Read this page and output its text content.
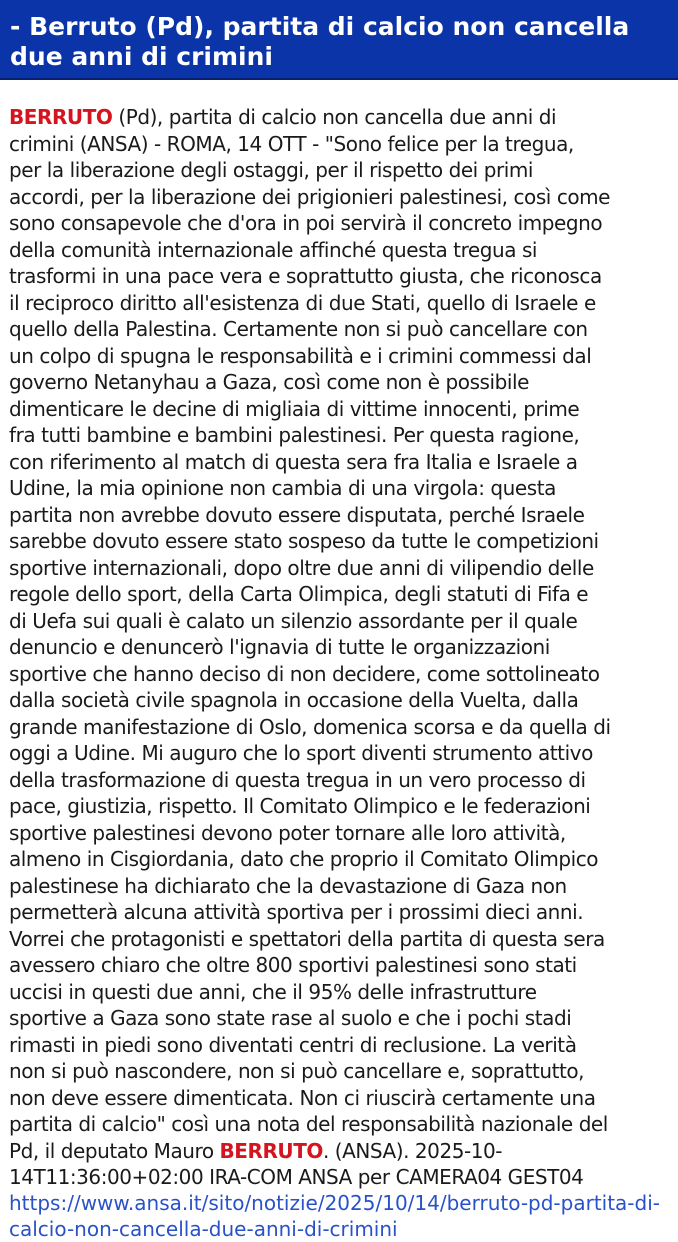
- Berruto (Pd), partita di calcio non cancella due anni di crimini

BERRUTO (Pd), partita di calcio non cancella due anni di
crimini (ANSA) - ROMA, 14 OTT - "Sono felice per la tregua,
per la liberazione degli ostaggi, per il rispetto dei primi
accordi, per la liberazione dei prigionieri palestinesi, così come
sono consapevole che d'ora in poi servirà il concreto impegno
della comunità internazionale affinché questa tregua si
trasformi in una pace vera e soprattutto giusta, che riconosca
il reciproco diritto all'esistenza di due Stati, quello di Israele e
quello della Palestina. Certamente non si può cancellare con
un colpo di spugna le responsabilità e i crimini commessi dal
governo Netanyhau a Gaza, così come non è possibile
dimenticare le decine di migliaia di vittime innocenti, prime
fra tutti bambine e bambini palestinesi. Per questa ragione,
con riferimento al match di questa sera fra Italia e Israele a
Udine, la mia opinione non cambia di una virgola: questa
partita non avrebbe dovuto essere disputata, perché Israele
sarebbe dovuto essere stato sospeso da tutte le competizioni
sportive internazionali, dopo oltre due anni di vilipendio delle
regole dello sport, della Carta Olimpica, degli statuti di Fifa e
di Uefa sui quali è calato un silenzio assordante per il quale
denuncio e denuncerò l'ignavia di tutte le organizzazioni
sportive che hanno deciso di non decidere, come sottolineato
dalla società civile spagnola in occasione della Vuelta, dalla
grande manifestazione di Oslo, domenica scorsa e da quella di
oggi a Udine. Mi auguro che lo sport diventi strumento attivo
della trasformazione di questa tregua in un vero processo di
pace, giustizia, rispetto. Il Comitato Olimpico e le federazioni
sportive palestinesi devono poter tornare alle loro attività,
almeno in Cisgiordania, dato che proprio il Comitato Olimpico
palestinese ha dichiarato che la devastazione di Gaza non
permetterà alcuna attività sportiva per i prossimi dieci anni.
Vorrei che protagonisti e spettatori della partita di questa sera
avessero chiaro che oltre 800 sportivi palestinesi sono stati
uccisi in questi due anni, che il 95% delle infrastrutture
sportive a Gaza sono state rase al suolo e che i pochi stadi
rimasti in piedi sono diventati centri di reclusione. La verità
non si può nascondere, non si può cancellare e, soprattutto,
non deve essere dimenticata. Non ci riuscirà certamente una
partita di calcio" così una nota del responsabilità nazionale del
Pd, il deputato Mauro BERRUTO. (ANSA). 2025-10-
14T11:36:00+02:00 IRA-COM ANSA per CAMERA04 GEST04

https://www.ansa.it/sito/notizie/2025/10/14/berruto-pd-partita-di-calcio-non-cancella-due-anni-di-crimini
